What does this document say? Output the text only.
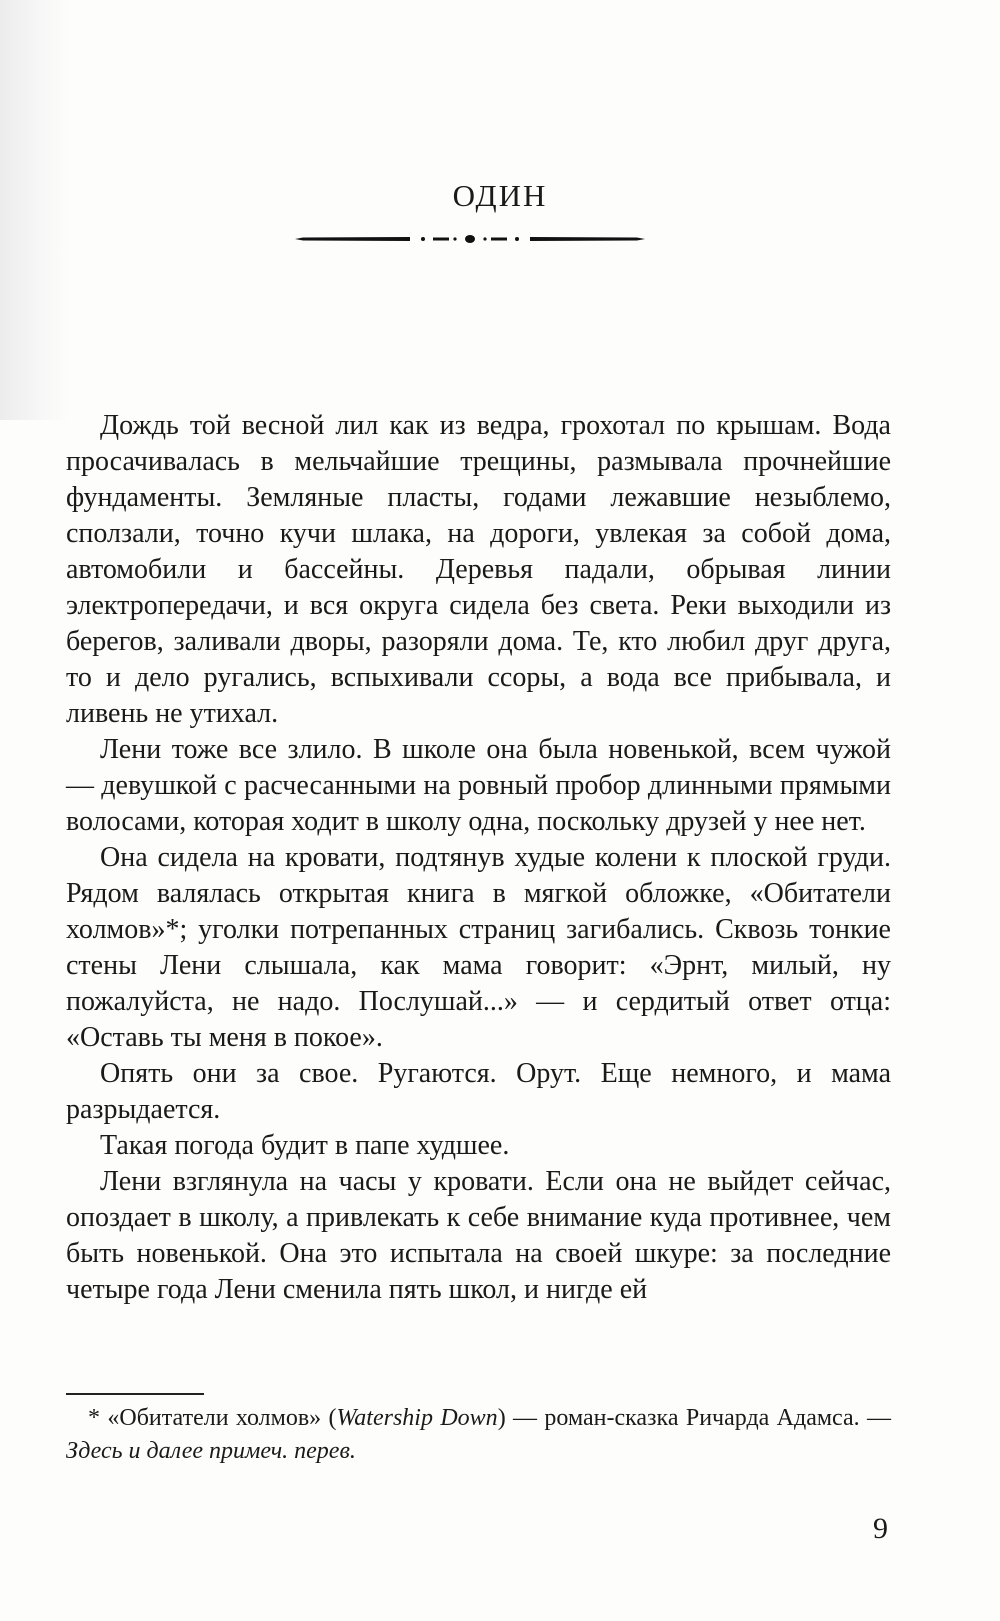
ОДИН

Дождь той весной лил как из ведра, грохотал по крышам. Вода просачивалась в мельчайшие трещины, размывала прочнейшие фундаменты. Земляные пласты, годами лежавшие незыблемо, сползали, точно кучи шлака, на дороги, увлекая за собой дома, автомобили и бассейны. Деревья падали, обрывая линии электропередачи, и вся округа сидела без света. Реки выходили из берегов, заливали дворы, разоряли дома. Те, кто любил друг друга, то и дело ругались, вспыхивали ссоры, а вода все прибывала, и ливень не утихал.

Лени тоже все злило. В школе она была новенькой, всем чужой — девушкой с расчесанными на ровный пробор длинными прямыми волосами, которая ходит в школу одна, поскольку друзей у нее нет.

Она сидела на кровати, подтянув худые колени к плоской груди. Рядом валялась открытая книга в мягкой обложке, «Обитатели холмов»*; уголки потрепанных страниц загибались. Сквозь тонкие стены Лени слышала, как мама говорит: «Эрнт, милый, ну пожалуйста, не надо. Послушай...» — и сердитый ответ отца: «Оставь ты меня в покое».

Опять они за свое. Ругаются. Орут. Еще немного, и мама разрыдается.

Такая погода будит в папе худшее.

Лени взглянула на часы у кровати. Если она не выйдет сейчас, опоздает в школу, а привлекать к себе внимание куда противнее, чем быть новенькой. Она это испытала на своей шкуре: за последние четыре года Лени сменила пять школ, и нигде ей

* «Обитатели холмов» (Watership Down) — роман-сказка Ричарда Адамса. — Здесь и далее примеч. перев.

9
